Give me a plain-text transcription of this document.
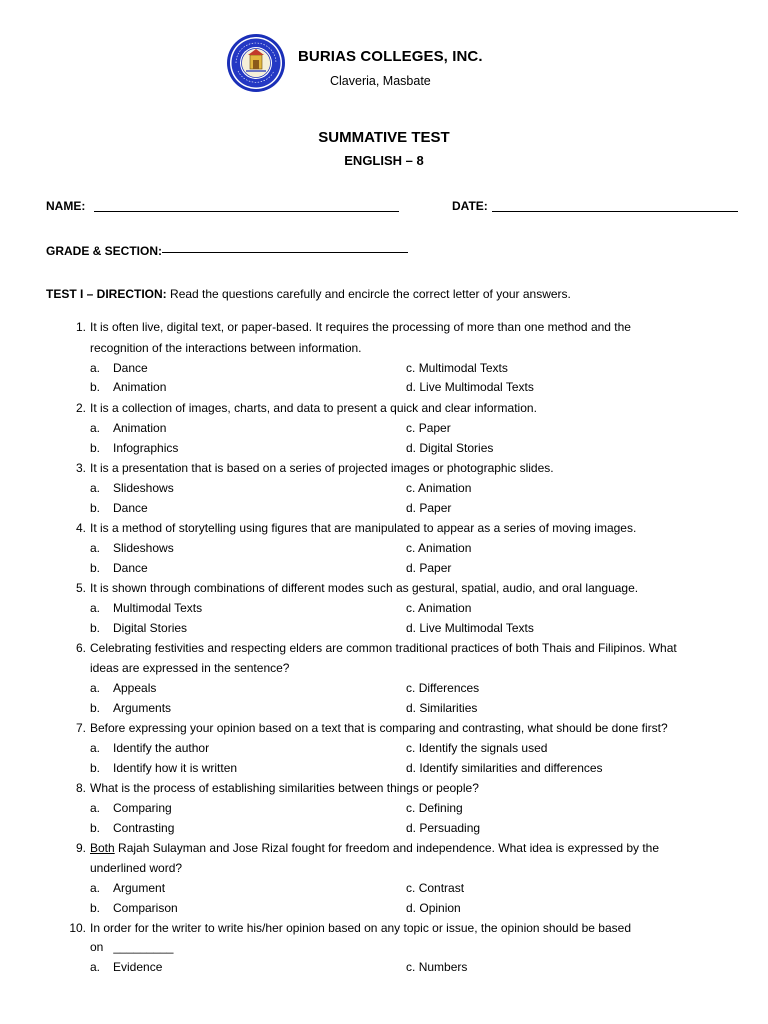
BURIAS COLLEGES, INC.
Claveria, Masbate
SUMMATIVE TEST
ENGLISH – 8
NAME:	DATE:
GRADE & SECTION:
TEST I – DIRECTION: Read the questions carefully and encircle the correct letter of your answers.
1. It is often live, digital text, or paper-based. It requires the processing of more than one method and the
recognition of the interactions between information.
a. Dance	c. Multimodal Texts
b. Animation	d. Live Multimodal Texts
2. It is a collection of images, charts, and data to present a quick and clear information.
a. Animation	c. Paper
b. Infographics	d. Digital Stories
3. It is a presentation that is based on a series of projected images or photographic slides.
a. Slideshows	c. Animation
b. Dance	d. Paper
4. It is a method of storytelling using figures that are manipulated to appear as a series of moving images.
a. Slideshows	c. Animation
b. Dance	d. Paper
5. It is shown through combinations of different modes such as gestural, spatial, audio, and oral language.
a. Multimodal Texts	c. Animation
b. Digital Stories	d. Live Multimodal Texts
6. Celebrating festivities and respecting elders are common traditional practices of both Thais and Filipinos. What
ideas are expressed in the sentence?
a. Appeals	c. Differences
b. Arguments	d. Similarities
7. Before expressing your opinion based on a text that is comparing and contrasting, what should be done first?
a. Identify the author	c. Identify the signals used
b. Identify how it is written	d. Identify similarities and differences
8. What is the process of establishing similarities between things or people?
a. Comparing	c. Defining
b. Contrasting	d. Persuading
9. Both Rajah Sulayman and Jose Rizal fought for freedom and independence. What idea is expressed by the
underlined word?
a. Argument	c. Contrast
b. Comparison	d. Opinion
10. In order for the writer to write his/her opinion based on any topic or issue, the opinion should be based
on _________
a. Evidence	c. Numbers
